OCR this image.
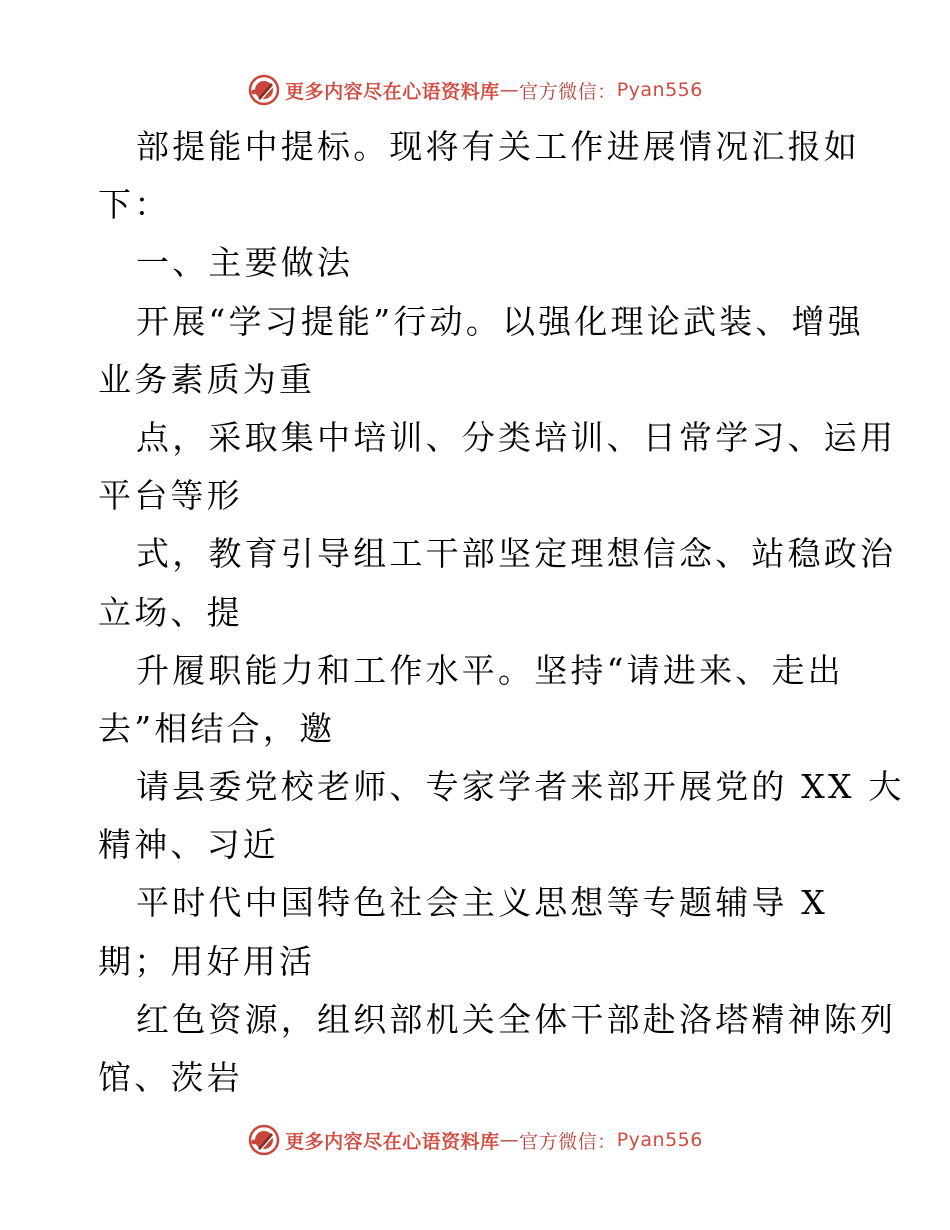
更多内容尽在心语资料库 — 官方微信： Pyan556
部提能中提标。现将有关工作进展情况汇报如
下：
一、主要做法
开展“学习提能”行动。以强化理论武装、增强
业务素质为重
点，采取集中培训、分类培训、日常学习、运用
平台等形
式，教育引导组工干部坚定理想信念、站稳政治
立场、提
升履职能力和工作水平。坚持“请进来、走出
去”相结合，邀
请县委党校老师、专家学者来部开展党的 XX 大
精神、习近
平时代中国特色社会主义思想等专题辅导 X
期；用好用活
红色资源，组织部机关全体干部赴洛塔精神陈列
馆、茨岩
更多内容尽在心语资料库 — 官方微信： Pyan556
